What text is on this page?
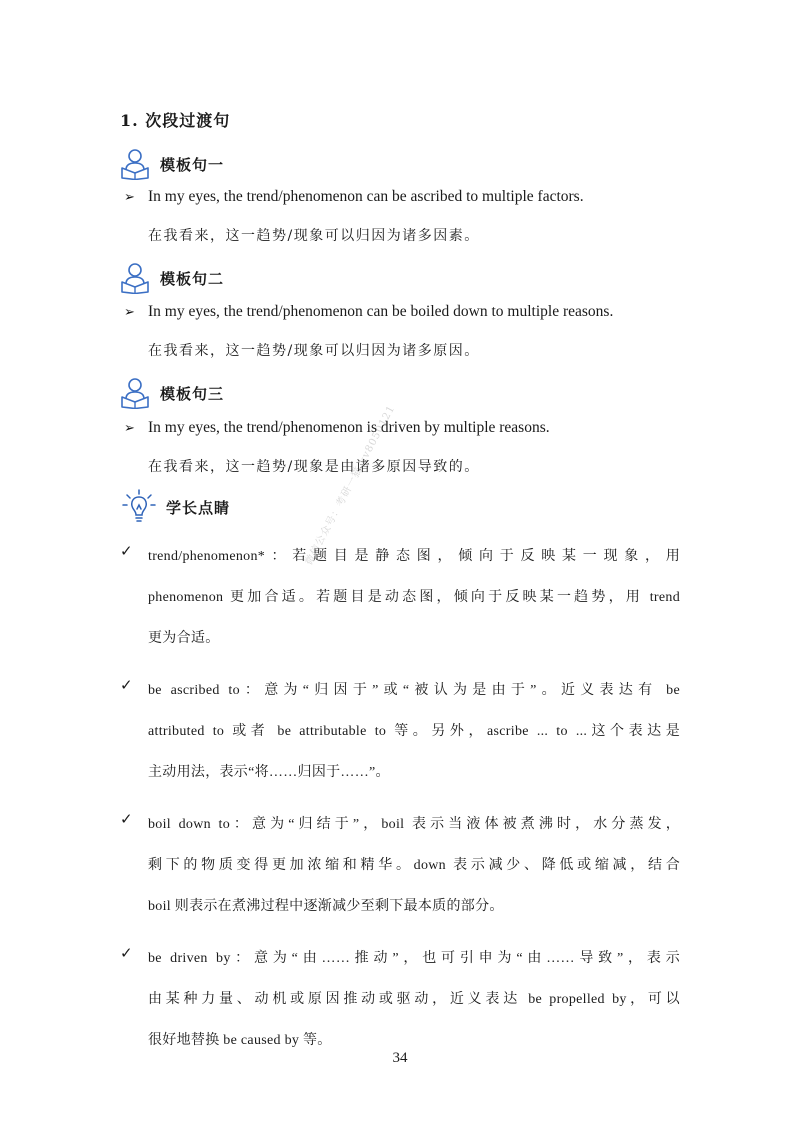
1. 次段过渡句
模板句一
➢ In my eyes, the trend/phenomenon can be ascribed to multiple factors.
在我看来，这一趋势/现象可以归因为诸多因素。
模板句二
➢ In my eyes, the trend/phenomenon can be boiled down to multiple reasons.
在我看来，这一趋势/现象可以归因为诸多原因。
模板句三
➢ In my eyes, the trend/phenomenon is driven by multiple reasons.
在我看来，这一趋势/现象是由诸多原因导致的。
学长点睛
✓ trend/phenomenon*：若题目是静态图，倾向于反映某一现象，用
phenomenon 更加合适。若题目是动态图，倾向于反映某一趋势，用 trend
更为合适。
✓ be ascribed to：意为“归因于”或“被认为是由于”。近义表达有 be
attributed to 或者 be attributable to 等。另外，ascribe ... to ...这个表达是
主动用法，表示“将……归因于……”。
✓ boil down to：意为“归结于”，boil 表示当液体被煮沸时，水分蒸发，
剩下的物质变得更加浓缩和精华。down 表示减少、降低或缩减，结合
boil 则表示在煮沸过程中逐渐减少至剩下最本质的部分。
✓ be driven by：意为“由……推动”，也可引申为“由……导致”，表示
由某种力量、动机或原因推动或驱动，近义表达 be propelled by，可以
很好地替换 be caused by 等。
微信公众号：考研一猫 kv8050121
34
